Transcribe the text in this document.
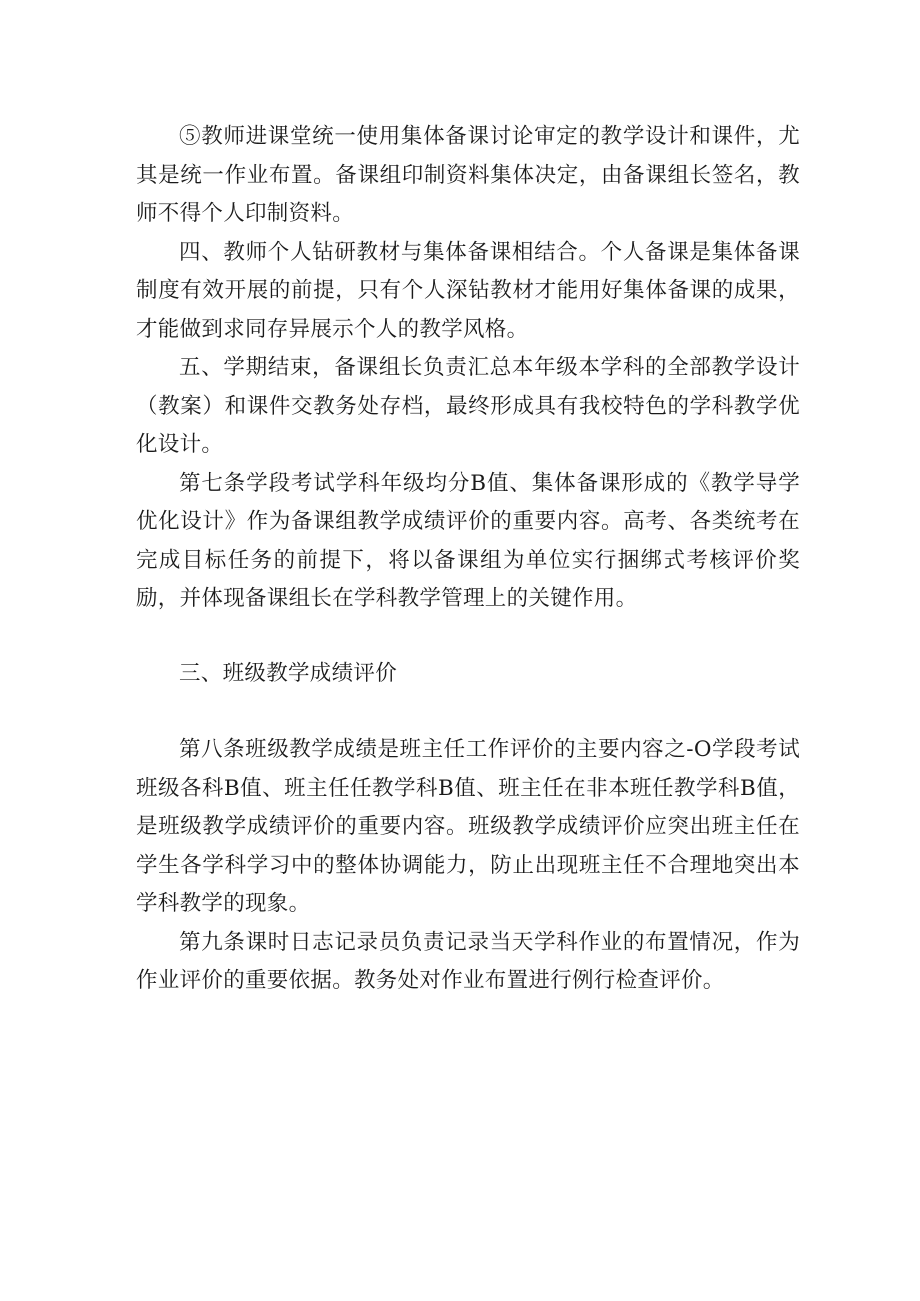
⑤教师进课堂统一使用集体备课讨论审定的教学设计和课件，尤其是统一作业布置。备课组印制资料集体决定，由备课组长签名，教师不得个人印制资料。

四、教师个人钻研教材与集体备课相结合。个人备课是集体备课制度有效开展的前提，只有个人深钻教材才能用好集体备课的成果，才能做到求同存异展示个人的教学风格。

五、学期结束，备课组长负责汇总本年级本学科的全部教学设计（教案）和课件交教务处存档，最终形成具有我校特色的学科教学优化设计。

第七条学段考试学科年级均分B值、集体备课形成的《教学导学优化设计》作为备课组教学成绩评价的重要内容。高考、各类统考在完成目标任务的前提下，将以备课组为单位实行捆绑式考核评价奖励，并体现备课组长在学科教学管理上的关键作用。

三、班级教学成绩评价

第八条班级教学成绩是班主任工作评价的主要内容之-O学段考试班级各科B值、班主任任教学科B值、班主任在非本班任教学科B值，是班级教学成绩评价的重要内容。班级教学成绩评价应突出班主任在学生各学科学习中的整体协调能力，防止出现班主任不合理地突出本学科教学的现象。

第九条课时日志记录员负责记录当天学科作业的布置情况，作为作业评价的重要依据。教务处对作业布置进行例行检查评价。
